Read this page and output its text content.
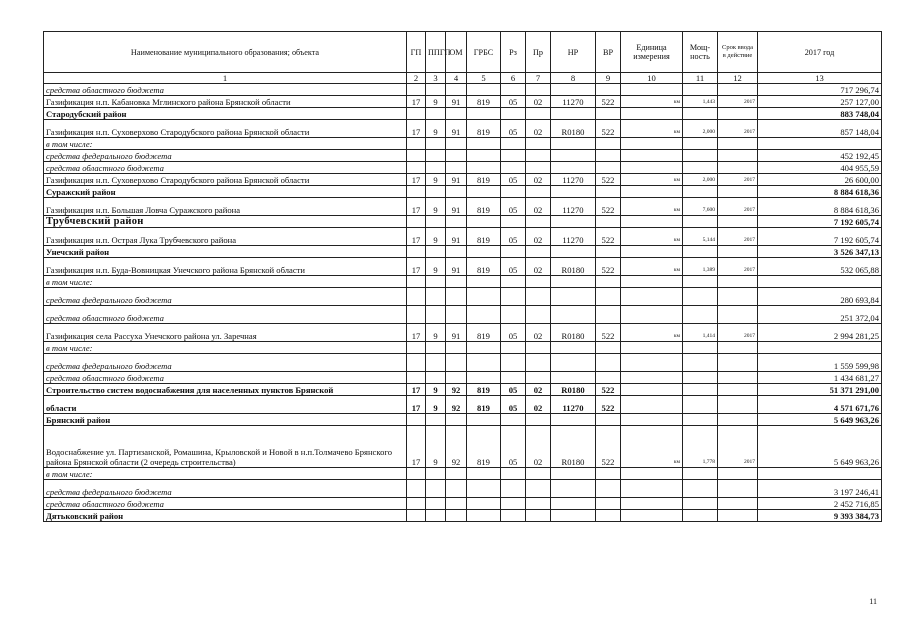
Наименование муниципального образования; объекта	ГП	ППГП	ОМ	ГРБС	Рз	Пр	НР	ВР	Единица измерения	Мощ- ность	Срок ввода в действие	2017 год
1	2	3	4	5	6	7	8	9	10	11	12	13
средства областного бюджета												717 296,74
Газификация н.п. Кабановка Мглинского района Брянской области	17	9	91	819	05	02	11270	522	км	1,443	2017	257 127,00
Стародубский район												883 748,04
Газификация н.п. Суховерхово Стародубского района Брянской области	17	9	91	819	05	02	R0180	522	км	2,000	2017	857 148,04
в том числе:												
средства федерального бюджета												452 192,45
средства областного бюджета												404 955,59
Газификация н.п. Суховерхово Стародубского района Брянской области	17	9	91	819	05	02	11270	522	км	2,000	2017	26 600,00
Суражский район												8 884 618,36
Газификация н.п. Большая Ловча Суражского района	17	9	91	819	05	02	11270	522	км	7,600	2017	8 884 618,36
Трубчевский район												7 192 605,74
Газификация н.п. Острая Лука Трубчевского района	17	9	91	819	05	02	11270	522	км	5,144	2017	7 192 605,74
Унечский район												3 526 347,13
Газификация н.п. Буда-Вовницкая Унечского района Брянской области	17	9	91	819	05	02	R0180	522	км	1,389	2017	532 065,88
в том числе:												
средства федерального бюджета												280 693,84
средства областного бюджета												251 372,04
Газификация села Рассуха Унечского района ул. Заречная	17	9	91	819	05	02	R0180	522	км	1,414	2017	2 994 281,25
в том числе:												
средства федерального бюджета												1 559 599,98
средства областного бюджета												1 434 681,27
Строительство систем водоснабжения для населенных пунктов Брянской	17	9	92	819	05	02	R0180	522				51 371 291,00
области	17	9	92	819	05	02	11270	522				4 571 671,76
Брянский район												5 649 963,26
Водоснабжение ул. Партизанской, Ромашина, Крыловской и Новой в н.п.Толмачево Брянского района Брянской области (2 очередь строительства)	17	9	92	819	05	02	R0180	522	км	1,778	2017	5 649 963,26
в том числе:												
средства федерального бюджета												3 197 246,41
средства областного бюджета												2 452 716,85
Дятьковский район												9 393 384,73
11
